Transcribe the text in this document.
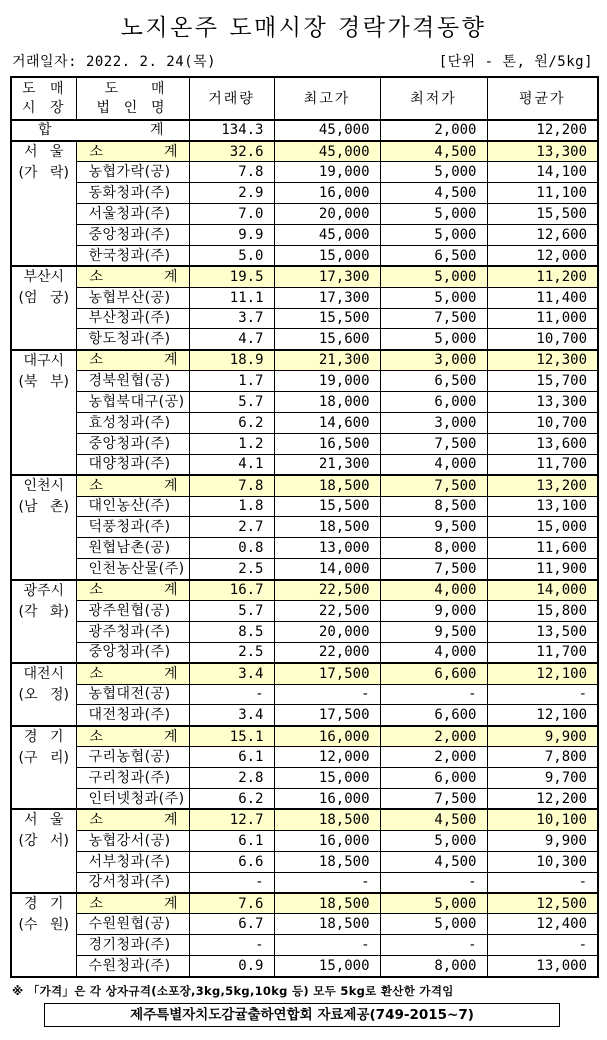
노지온주 도매시장 경락가격동향
거래일자: 2022. 2. 24(목)	[단위 - 톤, 원/5kg]
도 매
시 장	도 매
법 인 명	거래량	최고가	최저가	평균가
합 계		134.3	45,000	2,000	12,200

서 울
(가 락)	소 계	32.6	45,000	4,500	13,300
	농협가락(공)	7.8	19,000	5,000	14,100
	동화청과(주)	2.9	16,000	4,500	11,100
	서울청과(주)	7.0	20,000	5,000	15,500
	중앙청과(주)	9.9	45,000	5,000	12,600
	한국청과(주)	5.0	15,000	6,500	12,000

부산시
(엄 궁)	소 계	19.5	17,300	5,000	11,200
	농협부산(공)	11.1	17,300	5,000	11,400
	부산청과(주)	3.7	15,500	7,500	11,000
	항도청과(주)	4.7	15,600	5,000	10,700

대구시
(북 부)	소 계	18.9	21,300	3,000	12,300
	경북원협(공)	1.7	19,000	6,500	15,700
	농협북대구(공)	5.7	18,000	6,000	13,300
	효성청과(주)	6.2	14,600	3,000	10,700
	중앙청과(주)	1.2	16,500	7,500	13,600
	대양청과(주)	4.1	21,300	4,000	11,700

인천시
(남 촌)	소 계	7.8	18,500	7,500	13,200
	대인농산(주)	1.8	15,500	8,500	13,100
	덕풍청과(주)	2.7	18,500	9,500	15,000
	원협남촌(공)	0.8	13,000	8,000	11,600
	인천농산물(주)	2.5	14,000	7,500	11,900

광주시
(각 화)	소 계	16.7	22,500	4,000	14,000
	광주원협(공)	5.7	22,500	9,000	15,800
	광주청과(주)	8.5	20,000	9,500	13,500
	중앙청과(주)	2.5	22,000	4,000	11,700

대전시
(오 정)	소 계	3.4	17,500	6,600	12,100
	농협대전(공)	-	-	-	-
	대전청과(주)	3.4	17,500	6,600	12,100

경 기
(구 리)	소 계	15.1	16,000	2,000	9,900
	구리농협(공)	6.1	12,000	2,000	7,800
	구리청과(주)	2.8	15,000	6,000	9,700
	인터넷청과(주)	6.2	16,000	7,500	12,200

서 울
(강 서)	소 계	12.7	18,500	4,500	10,100
	농협강서(공)	6.1	16,000	5,000	9,900
	서부청과(주)	6.6	18,500	4,500	10,300
	강서청과(주)	-	-	-	-

경 기
(수 원)	소 계	7.6	18,500	5,000	12,500
	수원원협(공)	6.7	18,500	5,000	12,400
	경기청과(주)	-	-	-	-
	수원청과(주)	0.9	15,000	8,000	13,000
※ 「가격」은 각 상자규격(소포장,3kg,5kg,10kg 등) 모두 5kg로 환산한 가격임
제주특별자치도감귤출하연합회 자료제공(749-2015~7)
